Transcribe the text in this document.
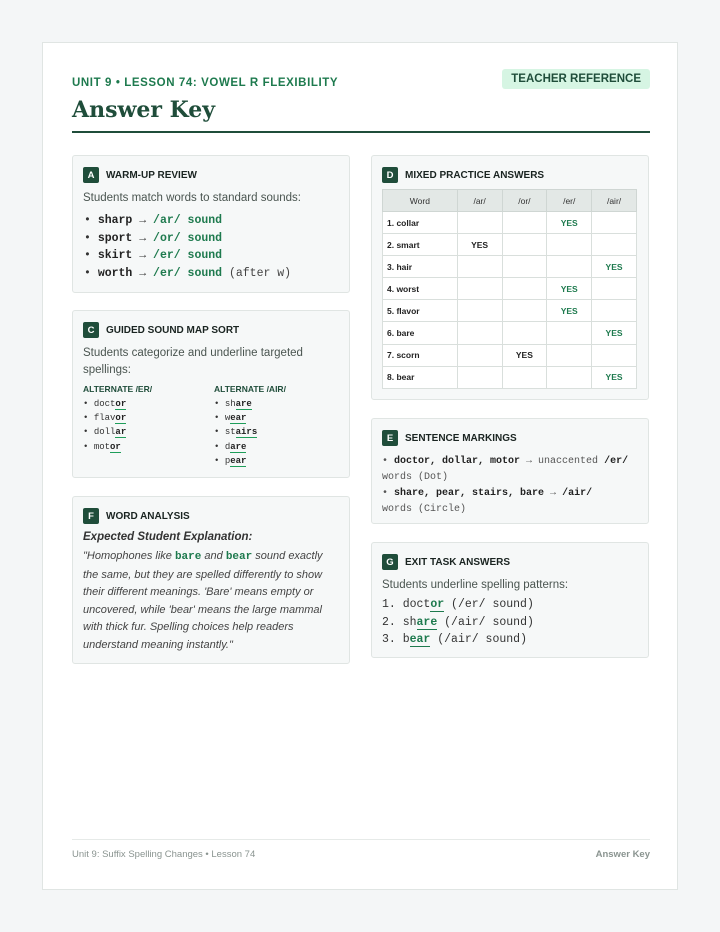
UNIT 9 • LESSON 74: VOWEL R FLEXIBILITY
Answer Key
TEACHER REFERENCE
A	WARM-UP REVIEW
Students match words to standard sounds:
• sharp → /ar/ sound
• sport → /or/ sound
• skirt → /er/ sound
• worth → /er/ sound (after w)
C	GUIDED SOUND MAP SORT
Students categorize and underline targeted spellings:
ALTERNATE /ER/
• doctor
• flavor
• dollar
• motor
ALTERNATE /AIR/
• share
• wear
• stairs
• dare
• pear
F	WORD ANALYSIS
Expected Student Explanation:
"Homophones like bare and bear sound exactly the same, but they are spelled differently to show their different meanings. 'Bare' means empty or uncovered, while 'bear' means the large mammal with thick fur. Spelling choices help readers understand meaning instantly."
D	MIXED PRACTICE ANSWERS
Word	/ar/	/or/	/er/	/air/
1. collar			YES	
2. smart	YES			
3. hair				YES
4. worst			YES	
5. flavor			YES	
6. bare				YES
7. scorn		YES		
8. bear				YES
E	SENTENCE MARKINGS
• doctor, dollar, motor → unaccented /er/
words (Dot)
• share, pear, stairs, bare → /air/
words (Circle)
G	EXIT TASK ANSWERS
Students underline spelling patterns:
1. doctor (/er/ sound)
2. share (/air/ sound)
3. bear (/air/ sound)
Unit 9: Suffix Spelling Changes • Lesson 74	Answer Key
